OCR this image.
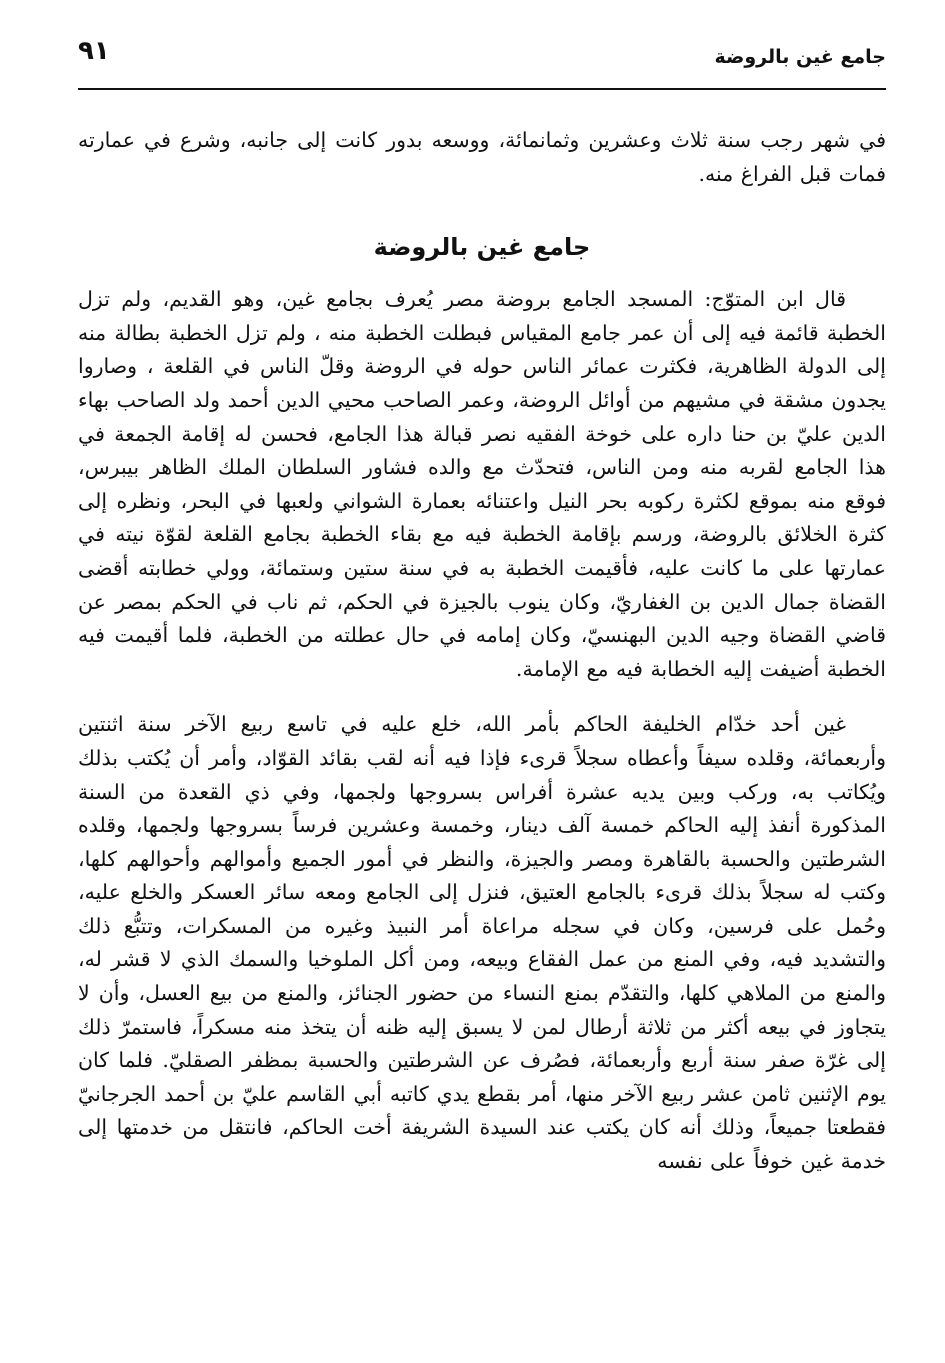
جامع غين بالروضة
٩١

في شهر رجب سنة ثلاث وعشرين وثمانمائة، ووسعه بدور كانت إلى جانبه، وشرع في عمارته فمات قبل الفراغ منه.

جامع غين بالروضة

قال ابن المتوّج: المسجد الجامع بروضة مصر يُعرف بجامع غين، وهو القديم، ولم تزل الخطبة قائمة فيه إلى أن عمر جامع المقياس فبطلت الخطبة منه ، ولم تزل الخطبة بطالة منه إلى الدولة الظاهرية، فكثرت عمائر الناس حوله في الروضة وقلّ الناس في القلعة ، وصاروا يجدون مشقة في مشيهم من أوائل الروضة، وعمر الصاحب محيي الدين أحمد ولد الصاحب بهاء الدين عليّ بن حنا داره على خوخة الفقيه نصر قبالة هذا الجامع، فحسن له إقامة الجمعة في هذا الجامع لقربه منه ومن الناس، فتحدّث مع والده فشاور السلطان الملك الظاهر بيبرس، فوقع منه بموقع لكثرة ركوبه بحر النيل واعتنائه بعمارة الشواني ولعبها في البحر، ونظره إلى كثرة الخلائق بالروضة، ورسم بإقامة الخطبة فيه مع بقاء الخطبة بجامع القلعة لقوّة نيته في عمارتها على ما كانت عليه، فأقيمت الخطبة به في سنة ستين وستمائة، وولي خطابته أقضى القضاة جمال الدين بن الغفاريّ، وكان ينوب بالجيزة في الحكم، ثم ناب في الحكم بمصر عن قاضي القضاة وجيه الدين البهنسيّ، وكان إمامه في حال عطلته من الخطبة، فلما أقيمت فيه الخطبة أضيفت إليه الخطابة فيه مع الإمامة.

غين أحد خدّام الخليفة الحاكم بأمر الله، خلع عليه في تاسع ربيع الآخر سنة اثنتين وأربعمائة، وقلده سيفاً وأعطاه سجلاً قرىء فإذا فيه أنه لقب بقائد القوّاد، وأمر أن يُكتب بذلك ويُكاتب به، وركب وبين يديه عشرة أفراس بسروجها ولجمها، وفي ذي القعدة من السنة المذكورة أنفذ إليه الحاكم خمسة آلف دينار، وخمسة وعشرين فرساً بسروجها ولجمها، وقلده الشرطتين والحسبة بالقاهرة ومصر والجيزة، والنظر في أمور الجميع وأموالهم وأحوالهم كلها، وكتب له سجلاً بذلك قرىء بالجامع العتيق، فنزل إلى الجامع ومعه سائر العسكر والخلع عليه، وحُمل على فرسين، وكان في سجله مراعاة أمر النبيذ وغيره من المسكرات، وتتبُّع ذلك والتشديد فيه، وفي المنع من عمل الفقاع وبيعه، ومن أكل الملوخيا والسمك الذي لا قشر له، والمنع من الملاهي كلها، والتقدّم بمنع النساء من حضور الجنائز، والمنع من بيع العسل، وأن لا يتجاوز في بيعه أكثر من ثلاثة أرطال لمن لا يسبق إليه ظنه أن يتخذ منه مسكراً، فاستمرّ ذلك إلى غرّة صفر سنة أربع وأربعمائة، فصُرف عن الشرطتين والحسبة بمظفر الصقليّ. فلما كان يوم الإثنين ثامن عشر ربيع الآخر منها، أمر بقطع يدي كاتبه أبي القاسم عليّ بن أحمد الجرجانيّ فقطعتا جميعاً، وذلك أنه كان يكتب عند السيدة الشريفة أخت الحاكم، فانتقل من خدمتها إلى خدمة غين خوفاً على نفسه
